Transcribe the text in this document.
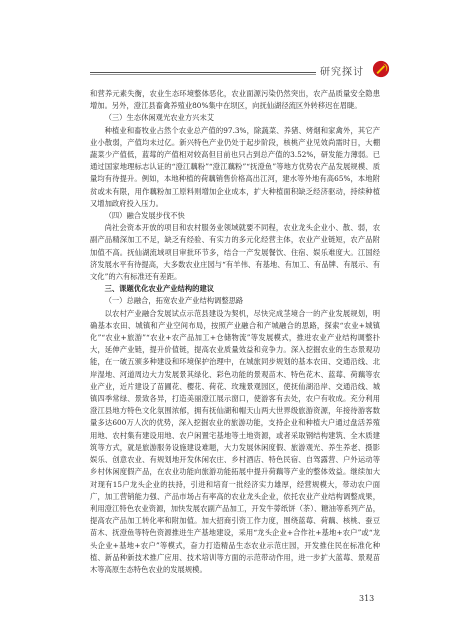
研究探讨

和营养元素失衡，农业生态环境整体恶化，农业面源污染仍然突出，农产品质量安全隐患增加。另外，澄江县畜禽养殖业80%集中在坝区，向抚仙湖径流区外转移迟在眉睫。

（三）生态休闲观光农业方兴未艾

种植业和畜牧业占然个农业总产值的97.3%，除蔬菜、养猪、烤烟和家禽外，其它产业小散弱，产值均未过亿。新兴特色产业仍处于起步阶段，核桃产业见效尚需时日，大棚蔬菜少产值低，蓝莓的产值相对较高但目前也只占到总产值的3.52%，研发能力薄弱。已通过国家地理标志认证的“澄江藕粉”“澄江藕粉”“抚澄鱼”等地方优势农产品发展规模、质量均有待提升。例如，本地种植的荷藕销售价格高出江河，建水等外地有高65%，本地附贫或未有限，用作藕粉加工原料则增加企业成本，扩大种植面积缺乏经济驱动，持续种植又增加政府投入压力。

（四）融合发展步伐不快

尚社会资本开放的项目和农村服务业领域就要不同程，农业龙头企业小、散、弱，农副产品精深加工不足，缺乏有经验、有实力的多元化经营主体，农业产业链短，农产品附加值不高。抚仙湖流域项目审批环节多，结合一产发展餐饮、住宿、娱乐难度大。江国经济发展水平有待提高，大多数农业庄园与“有羊伟、有基地、有加工、有品牌、有展示、有文化”的六有标准还有差距。

三、课题优化农业产业结构的建议

（一）总融合，拓宽农业产业结构调整思路

以农村产业融合发展试点示范县建设为契机，尽快完成茎境合一的产业发展规划，明确基本农田、城镇和产业空间布局，按照产业融合和产城融合的思路，探索“农业+城镇化”“农业+旅游”“农业+农产品加工+仓储物流”等发展模式，推进农业产业结构调整扑大，延伸产业链，提升价值链，提高农业质量效益和竞争力。深入挖掘农业的生态景观功能，在一破五颁多种建设和环境保护治理中，在城旅同步规划的基本农田、交通沿线、北岸湿地、河道周边大力发展景其绿化、彩色功能的景观苗木、特色花木、蓝莓、荷藕等农业产业，近片建设了苗圃花、樱花、荷花、玫瑰景观园区，使抚仙湖沿岸、交通沿线、城镇四季常绿、景致各异，打造美丽澄江展示窗口，使游客有去处，农户有收成。充分利用澄江县地方特色文化氛围浓郁，拥有抚仙湖和帽天山两大世界级旅游资源，年接待游客数量多达600万人次的优势，深入挖掘农业的旅游功能，支持企业和种植大户通过盘活养殖用地、农村集有建设用地、农户闲置宅基地等土地资源，或者采取钢结构建筑、全木质建筑等方式，就是旅游服务设施建设难题，大力发展休闲度假、旅游观光、养生养老、摄影娱乐、创意农业、有规划地开发休闲农庄、乡村酒店、特色民宿、自驾露营、户外运动等乡村休闲度假产品，在农业功能向旅游功能拓展中提升荷藕等产业的整体效益。继续加大对现有15户龙头企业的扶持，引进和培育一批经济实力雄厚，经营规模大，带动农户面广，加工营销能力强、产品市场占有率高的农业龙头企业，依托农业产业结构调整成果，利用澄江特色农业资源，加快发展农副产品加工，开发牛蒡纸饼（茶）、糖油等系列产品，提高农产品加工转化率和附加值。加大招商引资工作力度，围绕蓝莓、荷藕、核桃、蚕豆苗木、抚澄鱼等特色资源推进生产基地建设，采用“龙头企业+合作社+基地+农户”或“龙头企业+基地+农户”等模式，奋力打造精品生态农业示范庄园，开发推住民在标准化种植、新品种新技术推广应用、技术培训等方面的示范带动作用，进一步扩大蓝莓、景观苗木等高原生态特色农业的发展规模。

313
